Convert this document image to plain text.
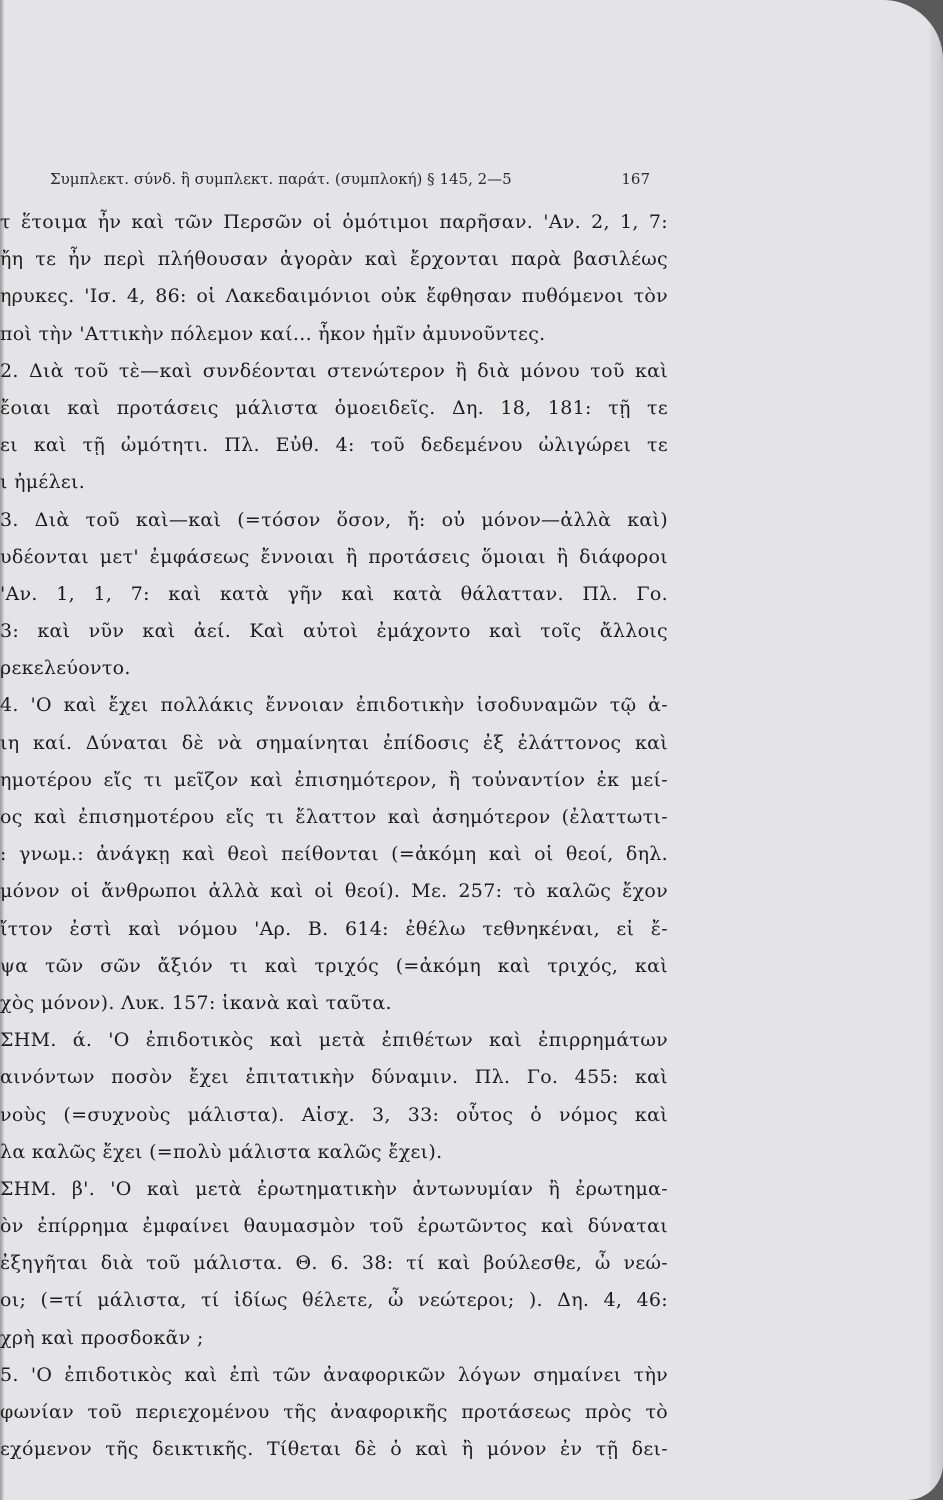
Συμπλεκτ. σύνδ. ἢ συμπλεκτ. παράτ. (συμπλοκή) § 145, 2—5	167
τ ἕτοιμα ἦν καὶ τῶν Περσῶν οἱ ὁμότιμοι παρῆσαν. 'Αν. 2, 1, 7:
ἤη τε ἦν περὶ πλήθουσαν ἀγορὰν καὶ ἔρχονται παρὰ βασιλέως
ηρυκες. 'Ισ. 4, 86: οἱ Λακεδαιμόνιοι οὐκ ἔφθησαν πυθόμενοι τὸν
ποὶ τὴν 'Αττικὴν πόλεμον καί... ἧκον ἡμῖν ἀμυνοῦντες.
2. Διὰ τοῦ τὲ—καὶ συνδέονται στενώτερον ἢ διὰ μόνου τοῦ καὶ
ἔοιαι καὶ προτάσεις μάλιστα ὁμοειδεῖς. Δη. 18, 181: τῇ τε
ει καὶ τῇ ὠμότητι. Πλ. Εὐθ. 4: τοῦ δεδεμένου ὠλιγώρει τε
ι ἠμέλει.
3. Διὰ τοῦ καὶ—καὶ (=τόσον ὅσον, ἤ: οὐ μόνον—ἀλλὰ καὶ)
υδέονται μετ' ἐμφάσεως ἔννοιαι ἢ προτάσεις ὅμοιαι ἢ διάφοροι
'Αν. 1, 1, 7: καὶ κατὰ γῆν καὶ κατὰ θάλατταν. Πλ. Γο.
3: καὶ νῦν καὶ ἀεί. Καὶ αὐτοὶ ἐμάχοντο καὶ τοῖς ἄλλοις
ρεκελεύοντο.
4. 'Ο καὶ ἔχει πολλάκις ἔννοιαν ἐπιδοτικὴν ἰσοδυναμῶν τῷ ἀ-
ιη καί. Δύναται δὲ νὰ σημαίνηται ἐπίδοσις ἐξ ἐλάττονος καὶ
ημοτέρου εἴς τι μεῖζον καὶ ἐπισημότερον, ἢ τοὐναντίον ἐκ μεί-
ος καὶ ἐπισημοτέρου εἴς τι ἔλαττον καὶ ἀσημότερον (ἐλαττωτι-
: γνωμ.: ἀνάγκῃ καὶ θεοὶ πείθονται (=ἀκόμη καὶ οἱ θεοί, δηλ.
μόνον οἱ ἄνθρωποι ἀλλὰ καὶ οἱ θεοί). Με. 257: τὸ καλῶς ἔχον
ἴττον ἐστὶ καὶ νόμου 'Αρ. Β. 614: ἐθέλω τεθνηκέναι, εἰ ἔ-
ψα τῶν σῶν ἄξιόν τι καὶ τριχός (=ἀκόμη καὶ τριχός, καὶ
χὸς μόνον). Λυκ. 157: ἱκανὰ καὶ ταῦτα.
ΣΗΜ. ά. 'Ο ἐπιδοτικὸς καὶ μετὰ ἐπιθέτων καὶ ἐπιρρημάτων
αινόντων ποσὸν ἔχει ἐπιτατικὴν δύναμιν. Πλ. Γο. 455: καὶ
νοὺς (=συχνοὺς μάλιστα). Αἰσχ. 3, 33: οὗτος ὁ νόμος καὶ
λα καλῶς ἔχει (=πολὺ μάλιστα καλῶς ἔχει).
ΣΗΜ. β'. 'Ο καὶ μετὰ ἐρωτηματικὴν ἀντωνυμίαν ἢ ἐρωτημα-
ὸν ἐπίρρημα ἐμφαίνει θαυμασμὸν τοῦ ἐρωτῶντος καὶ δύναται
ἐξηγῆται διὰ τοῦ μάλιστα. Θ. 6. 38: τί καὶ βούλεσθε, ὦ νεώ-
οι; (=τί μάλιστα, τί ἰδίως θέλετε, ὦ νεώτεροι; ). Δη. 4, 46:
χρὴ καὶ προσδοκᾶν ;
5. 'Ο ἐπιδοτικὸς καὶ ἐπὶ τῶν ἀναφορικῶν λόγων σημαίνει τὴν
φωνίαν τοῦ περιεχομένου τῆς ἀναφορικῆς προτάσεως πρὸς τὸ
εχόμενον τῆς δεικτικῆς. Τίθεται δὲ ὁ καὶ ἢ μόνον ἐν τῇ δει-
